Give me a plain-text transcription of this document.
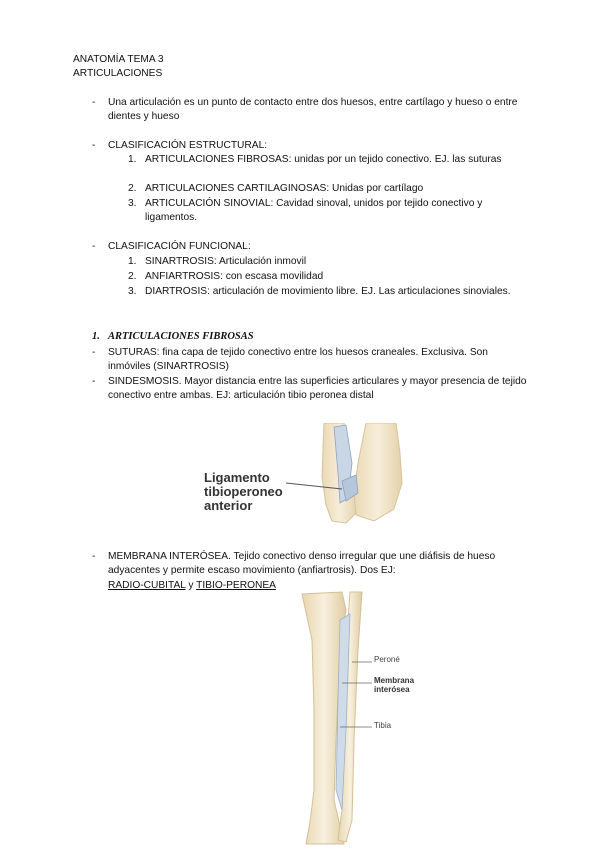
ANATOMÍA TEMA 3
ARTICULACIONES
- Una articulación es un punto de contacto entre dos huesos, entre cartílago y hueso o entre dientes y hueso
- CLASIFICACIÓN ESTRUCTURAL:
1. ARTICULACIONES FIBROSAS: unidas por un tejido conectivo. EJ. las suturas
2. ARTICULACIONES CARTILAGINOSAS: Unidas por cartílago
3. ARTICULACIÓN SINOVIAL: Cavidad sinoval, unidos por tejido conectivo y ligamentos.
- CLASIFICACIÓN FUNCIONAL:
1. SINARTROSIS: Articulación inmovil
2. ANFIARTROSIS: con escasa movilidad
3. DIARTROSIS: articulación de movimiento libre. EJ. Las articulaciones sinoviales.
1. ARTICULACIONES FIBROSAS
- SUTURAS: fina capa de tejido conectivo entre los huesos craneales. Exclusiva. Son inmóviles (SINARTROSIS)
- SINDESMOSIS. Mayor distancia entre las superficies articulares y mayor presencia de tejido conectivo entre ambas. EJ: articulación tibio peronea distal
Ligamento
tibioperoneo
anterior
- MEMBRANA INTERÓSEA. Tejido conectivo denso irregular que une diáfisis de hueso adyacentes y permite escaso movimiento (anfiartrosis). Dos EJ:
RADIO-CUBITAL y TIBIO-PERONEA
Peroné
Membrana
interósea
Tibia
